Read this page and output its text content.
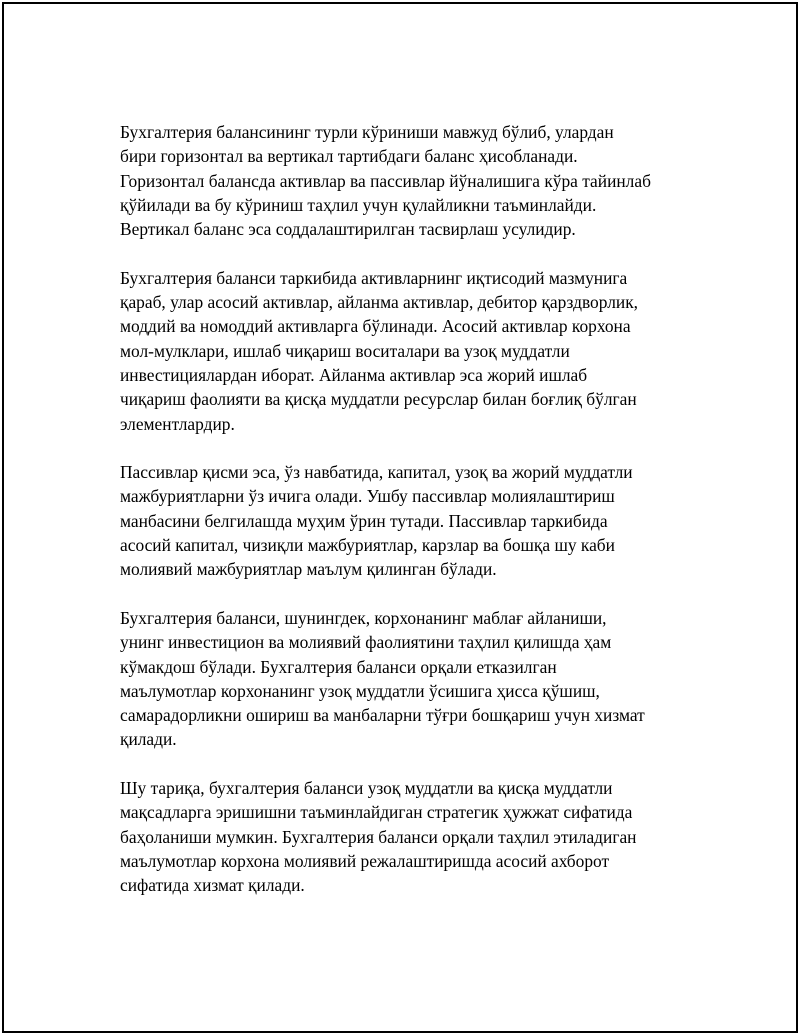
Бухгалтерия балансининг турли кўриниши мавжуд бўлиб, улардан
бири горизонтал ва вертикал тартибдаги баланс ҳисобланади.
Горизонтал балансда активлар ва пассивлар йўналишига кўра тайинлаб
қўйилади ва бу кўриниш таҳлил учун қулайликни таъминлайди.
Вертикал баланс эса соддалаштирилган тасвирлаш усулидир.

Бухгалтерия баланси таркибида активларнинг иқтисодий мазмунига
қараб, улар асосий активлар, айланма активлар, дебитор қарздворлик,
моддий ва номоддий активларга бўлинади. Асосий активлар корхона
мол-мулклари, ишлаб чиқариш воситалари ва узоқ муддатли
инвестициялардан иборат. Айланма активлар эса жорий ишлаб
чиқариш фаолияти ва қисқа муддатли ресурслар билан боғлиқ бўлган
элементлардир.

Пассивлар қисми эса, ўз навбатида, капитал, узоқ ва жорий муддатли
мажбуриятларни ўз ичига олади. Ушбу пассивлар молиялаштириш
манбасини белгилашда муҳим ўрин тутади. Пассивлар таркибида
асосий капитал, чизиқли мажбуриятлар, карзлар ва бошқа шу каби
молиявий мажбуриятлар маълум қилинган бўлади.

Бухгалтерия баланси, шунингдек, корхонанинг маблағ айланиши,
унинг инвестицион ва молиявий фаолиятини таҳлил қилишда ҳам
кўмакдош бўлади. Бухгалтерия баланси орқали етказилган
маълумотлар корхонанинг узоқ муддатли ўсишига ҳисса қўшиш,
самарадорликни ошириш ва манбаларни тўғри бошқариш учун хизмат
қилади.

Шу тариқа, бухгалтерия баланси узоқ муддатли ва қисқа муддатли
мақсадларга эришишни таъминлайдиган стратегик ҳужжат сифатида
баҳоланиши мумкин. Бухгалтерия баланси орқали таҳлил этиладиган
маълумотлар корхона молиявий режалаштиришда асосий ахборот
сифатида хизмат қилади.
